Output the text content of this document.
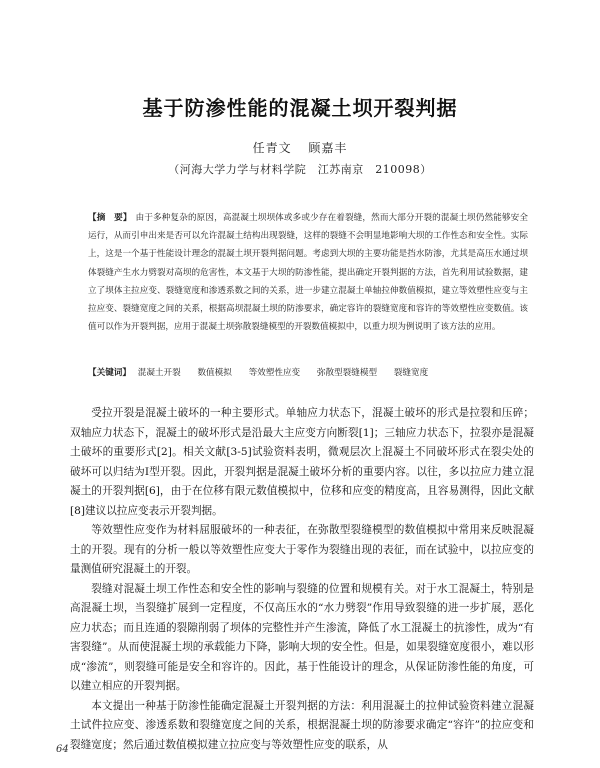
基于防渗性能的混凝土坝开裂判据
任青文 顾嘉丰
（河海大学力学与材料学院　江苏南京　210098）
【摘　要】 由于多种复杂的原因，高混凝土坝坝体或多或少存在着裂缝，然而大部分开裂的混凝土坝仍然能够安全运行，从而引申出来是否可以允许混凝土结构出现裂缝，这样的裂缝不会明显地影响大坝的工作性态和安全性。实际上，这是一个基于性能设计理念的混凝土坝开裂判据问题。考虑到大坝的主要功能是挡水防渗，尤其是高压水通过坝体裂缝产生水力劈裂对高坝的危害性，本文基于大坝的防渗性能，提出确定开裂判据的方法，首先利用试验数据，建立了坝体主拉应变、裂缝宽度和渗透系数之间的关系，进一步建立混凝土单轴拉伸数值模拟，建立等效塑性应变与主拉应变、裂缝宽度之间的关系，根据高坝混凝土坝的防渗要求，确定容许的裂缝宽度和容许的等效塑性应变数值。该值可以作为开裂判据，应用于混凝土坝弥散裂缝模型的开裂数值模拟中，以重力坝为例说明了该方法的应用。
【关键词】 混凝土开裂 数值模拟 等效塑性应变 弥散型裂缝模型 裂缝宽度

受拉开裂是混凝土破坏的一种主要形式。单轴应力状态下，混凝土破坏的形式是拉裂和压碎；双轴应力状态下，混凝土的破坏形式是沿最大主应变方向断裂[1]；三轴应力状态下，拉裂亦是混凝土破坏的重要形式[2]。相关文献[3-5]试验资料表明，微观层次上混凝土不同破坏形式在裂尖处的破坏可以归结为Ⅰ型开裂。因此，开裂判据是混凝土破坏分析的重要内容。以往，多以拉应力建立混凝土的开裂判据[6]，由于在位移有限元数值模拟中，位移和应变的精度高，且容易测得，因此文献[8]建议以拉应变表示开裂判据。

等效塑性应变作为材料屈服破坏的一种表征，在弥散型裂缝模型的数值模拟中常用来反映混凝土的开裂。现有的分析一般以等效塑性应变大于零作为裂缝出现的表征，而在试验中，以拉应变的量测值研究混凝土的开裂。

裂缝对混凝土坝工作性态和安全性的影响与裂缝的位置和规模有关。对于水工混凝土，特别是高混凝土坝，当裂缝扩展到一定程度，不仅高压水的“水力劈裂”作用导致裂缝的进一步扩展，恶化应力状态；而且连通的裂隙削弱了坝体的完整性并产生渗流，降低了水工混凝土的抗渗性，成为“有害裂缝”。从而使混凝土坝的承载能力下降，影响大坝的安全性。但是，如果裂缝宽度很小，难以形成“渗流”，则裂缝可能是安全和容许的。因此，基于性能设计的理念，从保证防渗性能的角度，可以建立相应的开裂判据。

本文提出一种基于防渗性能确定混凝土开裂判据的方法：利用混凝土的拉伸试验资料建立混凝土试件拉应变、渗透系数和裂缝宽度之间的关系，根据混凝土坝的防渗要求确定“容许”的拉应变和裂缝宽度；然后通过数值模拟建立拉应变与等效塑性应变的联系，从

64
